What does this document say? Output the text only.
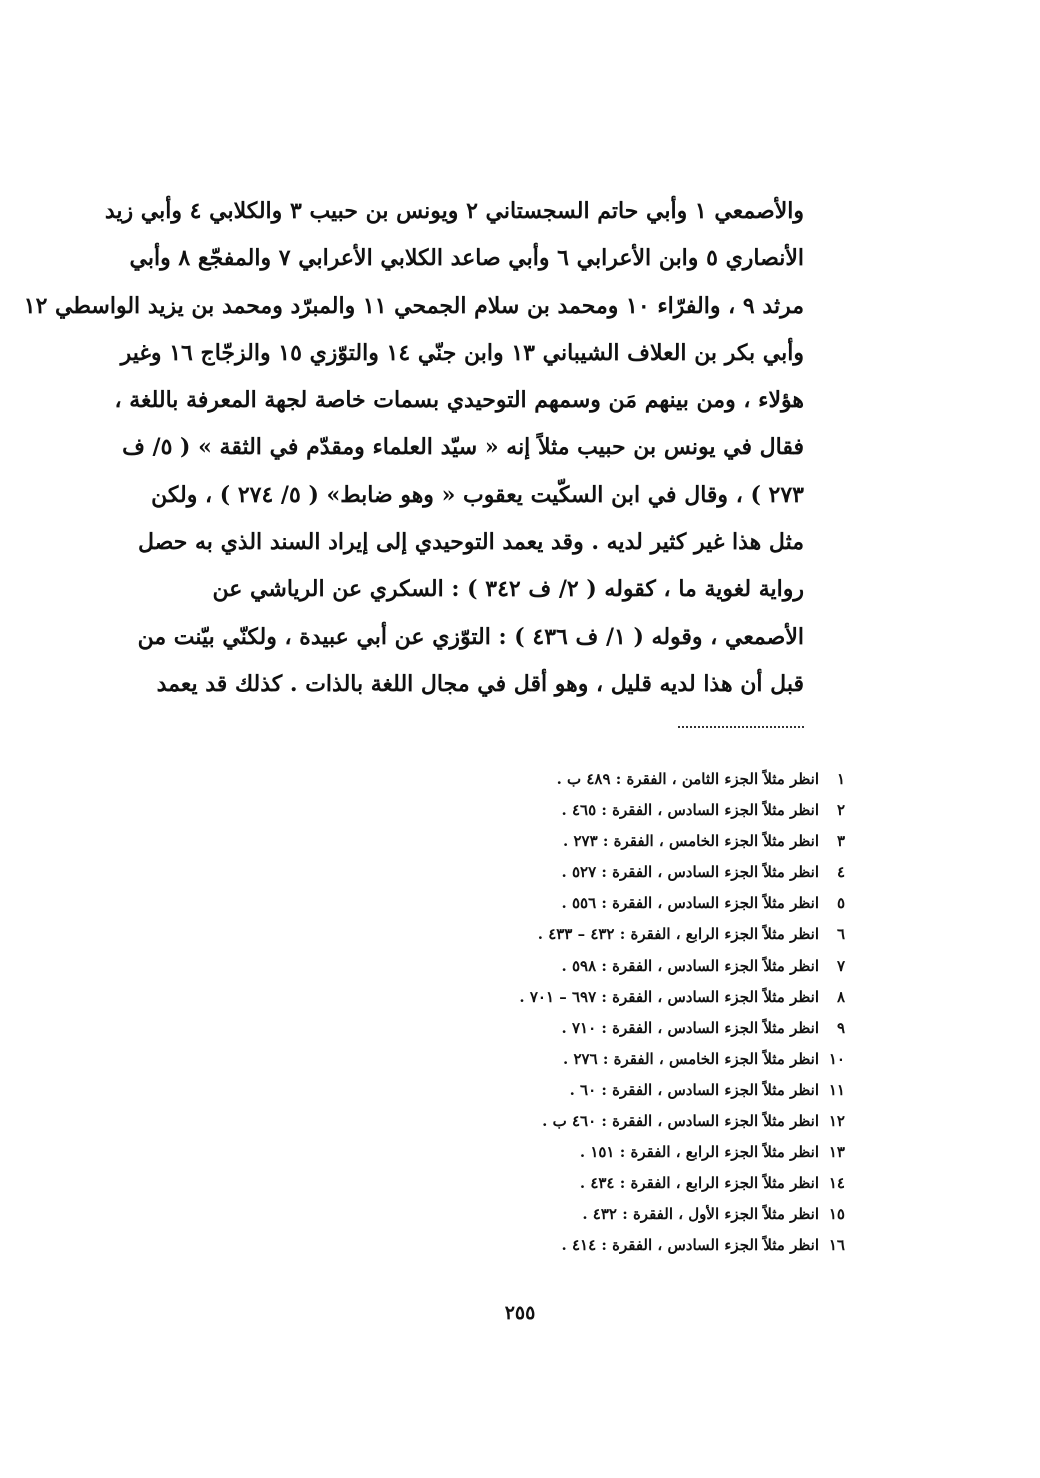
والأصمعي ١ وأبي حاتم السجستاني ٢ ويونس بن حبيب ٣ والكلابي ٤ وأبي زيد
الأنصاري ٥ وابن الأعرابي ٦ وأبي صاعد الكلابي الأعرابي ٧ والمفجّع ٨ وأبي
مرثد ٩ ، والفرّاء ١٠ ومحمد بن سلام الجمحي ١١ والمبرّد ومحمد بن يزيد الواسطي ١٢
وأبي بكر بن العلاف الشيباني ١٣ وابن جنّي ١٤ والتوّزي ١٥ والزجّاج ١٦ وغير
هؤلاء ، ومن بينهم مَن وسمهم التوحيدي بسمات خاصة لجهة المعرفة باللغة ،
فقال في يونس بن حبيب مثلاً إنه « سيّد العلماء ومقدّم في الثقة » ( ٥/ ف
٢٧٣ ) ، وقال في ابن السكّيت يعقوب « وهو ضابط» ( ٥/ ٢٧٤ ) ، ولكن
مثل هذا غير كثير لديه . وقد يعمد التوحيدي إلى إيراد السند الذي به حصل
رواية لغوية ما ، كقوله ( ٢/ ف ٣٤٢ ) : السكري عن الرياشي عن
الأصمعي ، وقوله ( ١/ ف ٤٣٦ ) : التوّزي عن أبي عبيدة ، ولكنّي بيّنت من
قبل أن هذا لديه قليل ، وهو أقل في مجال اللغة بالذات . كذلك قد يعمد
١انظر مثلاً الجزء الثامن ، الفقرة : ٤٨٩ ب .
٢انظر مثلاً الجزء السادس ، الفقرة : ٤٦٥ .
٣انظر مثلاً الجزء الخامس ، الفقرة : ٢٧٣ .
٤انظر مثلاً الجزء السادس ، الفقرة : ٥٢٧ .
٥انظر مثلاً الجزء السادس ، الفقرة : ٥٥٦ .
٦انظر مثلاً الجزء الرابع ، الفقرة : ٤٣٢ – ٤٣٣ .
٧انظر مثلاً الجزء السادس ، الفقرة : ٥٩٨ .
٨انظر مثلاً الجزء السادس ، الفقرة : ٦٩٧ – ٧٠١ .
٩انظر مثلاً الجزء السادس ، الفقرة : ٧١٠ .
١٠انظر مثلاً الجزء الخامس ، الفقرة : ٢٧٦ .
١١انظر مثلاً الجزء السادس ، الفقرة : ٦٠ .
١٢انظر مثلاً الجزء السادس ، الفقرة : ٤٦٠ ب .
١٣انظر مثلاً الجزء الرابع ، الفقرة : ١٥١ .
١٤انظر مثلاً الجزء الرابع ، الفقرة : ٤٣٤ .
١٥انظر مثلاً الجزء الأول ، الفقرة : ٤٣٢ .
١٦انظر مثلاً الجزء السادس ، الفقرة : ٤١٤ .
٢٥٥
